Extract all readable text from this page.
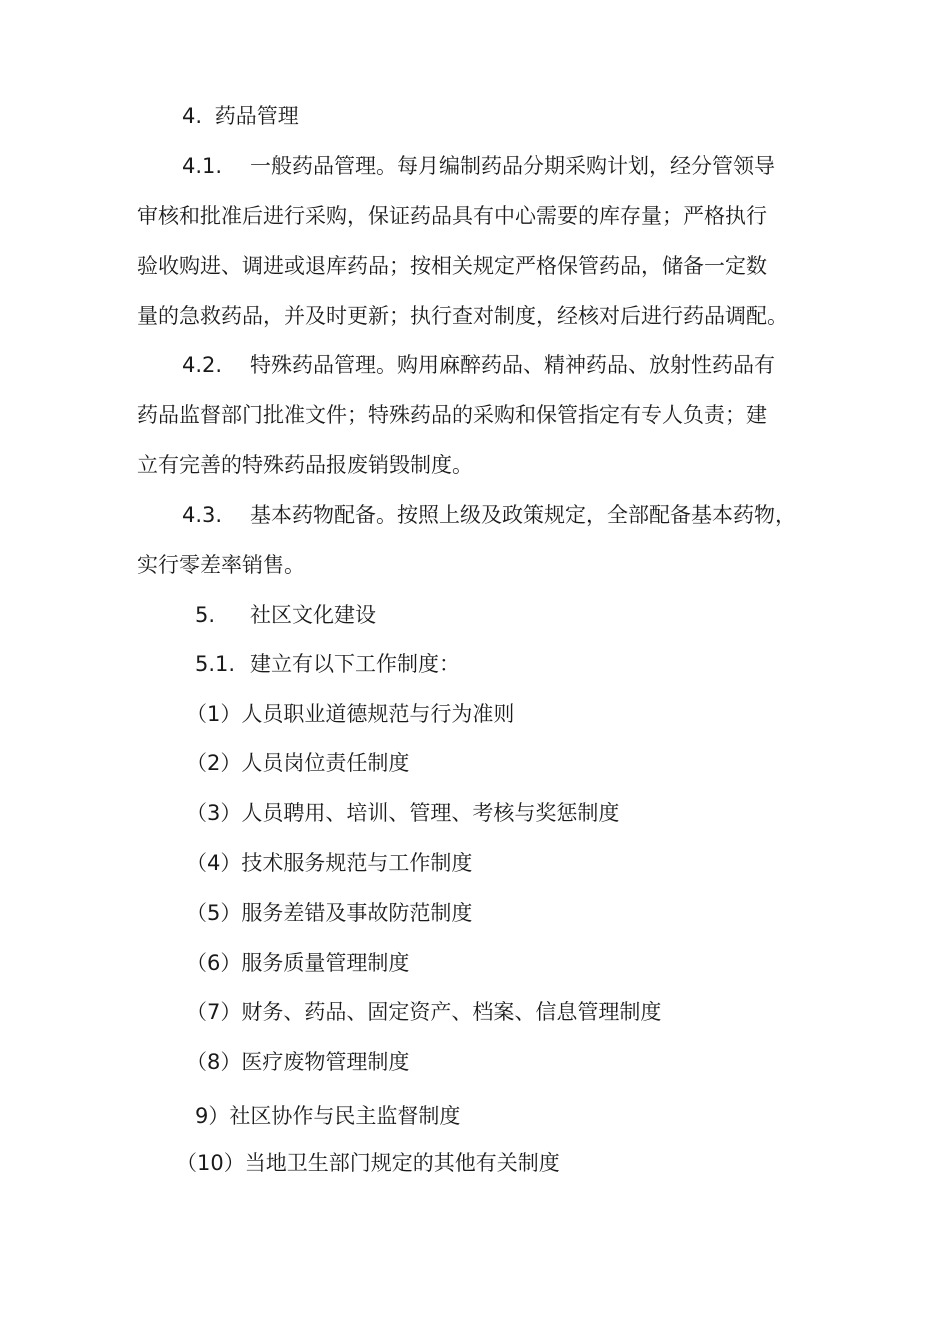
4. 药品管理
4.1. 一般药品管理。每月编制药品分期采购计划，经分管领导
审核和批准后进行采购，保证药品具有中心需要的库存量；严格执行
验收购进、调进或退库药品；按相关规定严格保管药品，储备一定数
量的急救药品，并及时更新；执行查对制度，经核对后进行药品调配。
4.2. 特殊药品管理。购用麻醉药品、精神药品、放射性药品有
药品监督部门批准文件；特殊药品的采购和保管指定有专人负责；建
立有完善的特殊药品报废销毁制度。
4.3. 基本药物配备。按照上级及政策规定，全部配备基本药物，
实行零差率销售。
5. 社区文化建设
5.1. 建立有以下工作制度：
（1）人员职业道德规范与行为准则
（2）人员岗位责任制度
（3）人员聘用、培训、管理、考核与奖惩制度
（4）技术服务规范与工作制度
（5）服务差错及事故防范制度
（6）服务质量管理制度
（7）财务、药品、固定资产、档案、信息管理制度
（8）医疗废物管理制度
9）社区协作与民主监督制度
（10）当地卫生部门规定的其他有关制度
